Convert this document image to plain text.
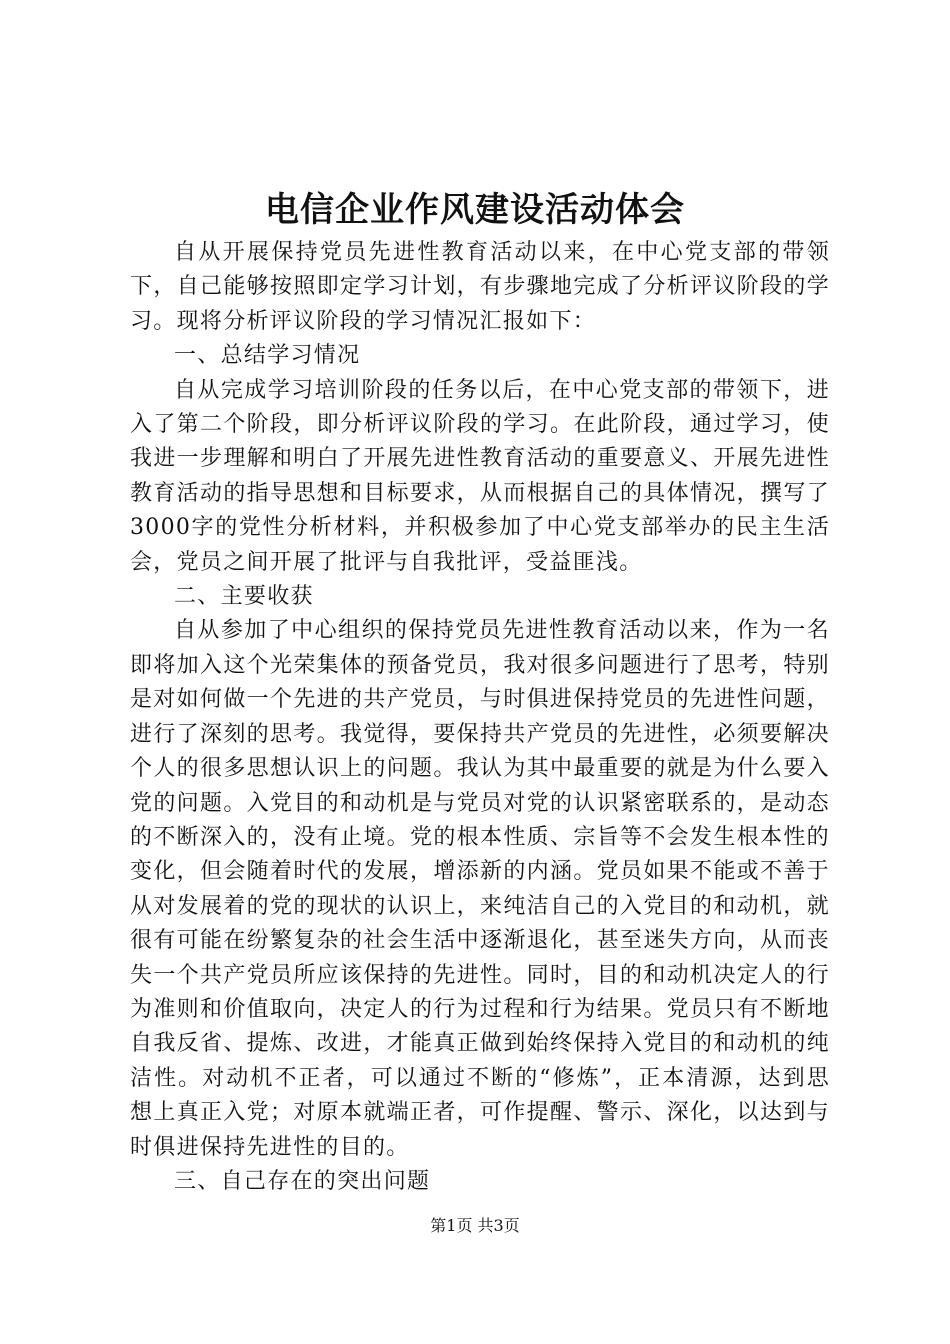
电信企业作风建设活动体会

自从开展保持党员先进性教育活动以来，在中心党支部的带领下，自己能够按照即定学习计划，有步骤地完成了分析评议阶段的学习。现将分析评议阶段的学习情况汇报如下：

一、总结学习情况

自从完成学习培训阶段的任务以后，在中心党支部的带领下，进入了第二个阶段，即分析评议阶段的学习。在此阶段，通过学习，使我进一步理解和明白了开展先进性教育活动的重要意义、开展先进性教育活动的指导思想和目标要求，从而根据自己的具体情况，撰写了3000字的党性分析材料，并积极参加了中心党支部举办的民主生活会，党员之间开展了批评与自我批评，受益匪浅。

二、主要收获

自从参加了中心组织的保持党员先进性教育活动以来，作为一名即将加入这个光荣集体的预备党员，我对很多问题进行了思考，特别是对如何做一个先进的共产党员，与时俱进保持党员的先进性问题，进行了深刻的思考。我觉得，要保持共产党员的先进性，必须要解决个人的很多思想认识上的问题。我认为其中最重要的就是为什么要入党的问题。入党目的和动机是与党员对党的认识紧密联系的，是动态的不断深入的，没有止境。党的根本性质、宗旨等不会发生根本性的变化，但会随着时代的发展，增添新的内涵。党员如果不能或不善于从对发展着的党的现状的认识上，来纯洁自己的入党目的和动机，就很有可能在纷繁复杂的社会生活中逐渐退化，甚至迷失方向，从而丧失一个共产党员所应该保持的先进性。同时，目的和动机决定人的行为准则和价值取向，决定人的行为过程和行为结果。党员只有不断地自我反省、提炼、改进，才能真正做到始终保持入党目的和动机的纯洁性。对动机不正者，可以通过不断的“修炼”，正本清源，达到思想上真正入党；对原本就端正者，可作提醒、警示、深化，以达到与时俱进保持先进性的目的。

三、自己存在的突出问题

第1页 共3页
